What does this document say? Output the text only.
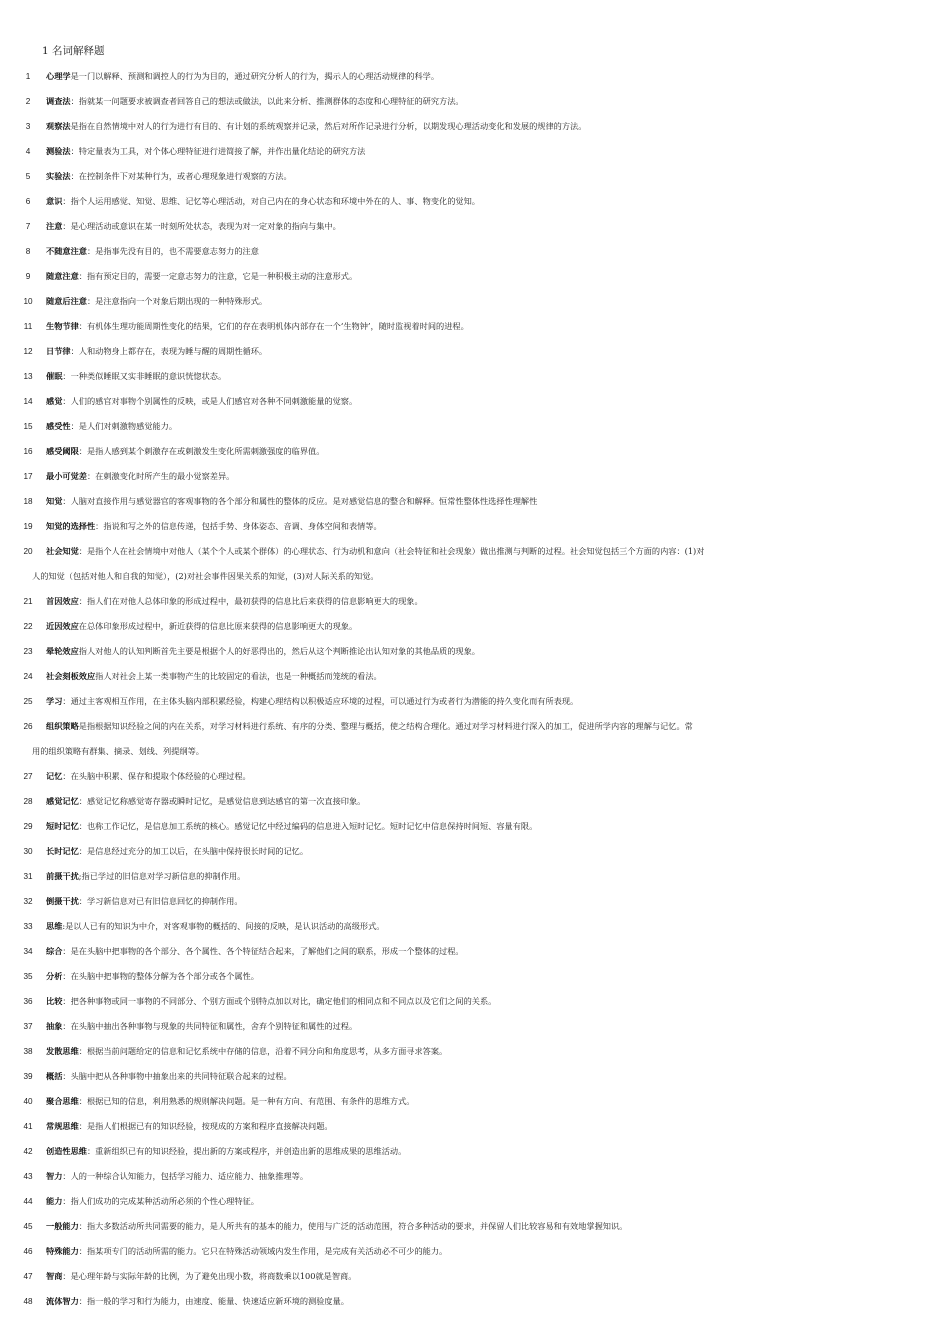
1 名词解释题
1	心理学是一门以解释、预测和调控人的行为为目的，通过研究分析人的行为，揭示人的心理活动规律的科学。
2	调查法：指就某一问题要求被调查者回答自己的想法或做法，以此来分析、推测群体的态度和心理特征的研究方法。
3	观察法是指在自然情境中对人的行为进行有目的、有计划的系统观察并记录，然后对所作记录进行分析，以期发现心理活动变化和发展的规律的方法。
4	测验法：特定量表为工具，对个体心理特征进行进简接了解，并作出量化结论的研究方法
5	实验法：在控制条件下对某种行为，或者心理现象进行观察的方法。
6	意识：指个人运用感觉、知觉、思维、记忆等心理活动，对自己内在的身心状态和环境中外在的人、事、物变化的觉知。
7	注意：是心理活动或意识在某一时刻所处状态，表现为对一定对象的指向与集中。
8	不随意注意：是指事先没有目的，也不需要意志努力的注意
9	随意注意：指有预定目的，需要一定意志努力的注意，它是一种积极主动的注意形式。
10	随意后注意：是注意指向一个对象后期出现的一种特殊形式。
11	生物节律：有机体生理功能周期性变化的结果，它们的存在表明机体内部存在一个‘生物钟’，随时监视着时间的进程。
12	日节律：人和动物身上都存在，表现为睡与醒的周期性循环。
13	催眠：一种类似睡眠又实非睡眠的意识恍惚状态。
14	感觉：人们的感官对事物个别属性的反映，或是人们感官对各种不同刺激能量的觉察。
15	感受性：是人们对刺激物感觉能力。
16	感受阈限：是指人感到某个刺激存在或刺激发生变化所需刺激强度的临界值。
17	最小可觉差：在刺激变化时所产生的最小觉察差异。
18	知觉：人脑对直接作用与感觉器官的客观事物的各个部分和属性的整体的反应。是对感觉信息的整合和解释。恒常性整体性选择性理解性
19	知觉的选择性：指说和写之外的信息传递，包括手势、身体姿态、音调、身体空间和表情等。
20	社会知觉：是指个人在社会情境中对他人（某个个人或某个群体）的心理状态、行为动机和意向（社会特征和社会现象）做出推测与判断的过程。社会知觉包括三个方面的内容：(1)对
人的知觉（包括对他人和自我的知觉），(2)对社会事件因果关系的知觉，(3)对人际关系的知觉。
21	首因效应：指人们在对他人总体印象的形成过程中，最初获得的信息比后来获得的信息影响更大的现象。
22	近因效应在总体印象形成过程中，新近获得的信息比原来获得的信息影响更大的现象。
23	晕轮效应指人对他人的认知判断首先主要是根据个人的好恶得出的，然后从这个判断推论出认知对象的其他品质的现象。
24	社会刻板效应指人对社会上某一类事物产生的比较固定的看法，也是一种概括而笼统的看法。
25	学习：通过主客观相互作用，在主体头脑内部积累经验，构建心理结构以积极适应环境的过程，可以通过行为或者行为潜能的持久变化而有所表现。
26	组织策略是指根据知识经验之间的内在关系，对学习材料进行系统、有序的分类、整理与概括，使之结构合理化。通过对学习材料进行深入的加工，促进所学内容的理解与记忆。常
用的组织策略有群集、摘录、划线、列提纲等。
27	记忆：在头脑中积累、保存和提取个体经验的心理过程。
28	感觉记忆：感觉记忆称感觉寄存器或瞬时记忆，是感觉信息到达感官的第一次直接印象。
29	短时记忆：也称工作记忆，是信息加工系统的核心。感觉记忆中经过编码的信息进入短时记忆。短时记忆中信息保持时间短、容量有限。
30	长时记忆：是信息经过充分的加工以后，在头脑中保持很长时间的记忆。
31	前摄干扰;指已学过的旧信息对学习新信息的抑制作用。
32	倒摄干扰：学习新信息对已有旧信息回忆的抑制作用。
33	思维:是以人已有的知识为中介，对客观事物的概括的、间接的反映，是认识活动的高级形式。
34	综合：是在头脑中把事物的各个部分、各个属性、各个特征结合起来，了解他们之间的联系，形成一个整体的过程。
35	分析：在头脑中把事物的整体分解为各个部分或各个属性。
36	比较：把各种事物或同一事物的不同部分、个别方面或个别特点加以对比，确定他们的相同点和不同点以及它们之间的关系。
37	抽象：在头脑中抽出各种事物与现象的共同特征和属性，舍弃个别特征和属性的过程。
38	发散思维：根据当前问题给定的信息和记忆系统中存储的信息，沿着不同分向和角度思考，从多方面寻求答案。
39	概括：头脑中把从各种事物中抽象出来的共同特征联合起来的过程。
40	聚合思维：根据已知的信息，利用熟悉的规则解决问题。是一种有方向、有范围、有条件的思维方式。
41	常规思维：是指人们根据已有的知识经验，按现成的方案和程序直接解决问题。
42	创造性思维：重新组织已有的知识经验，提出新的方案或程序，并创造出新的思维成果的思维活动。
43	智力：人的一种综合认知能力，包括学习能力、适应能力、抽象推理等。
44	能力：指人们成功的完成某种活动所必须的个性心理特征。
45	一般能力：指大多数活动所共同需要的能力，是人所共有的基本的能力，使用与广泛的活动范围，符合多种活动的要求，并保留人们比较容易和有效地掌握知识。
46	特殊能力：指某项专门的活动所需的能力。它只在特殊活动领域内发生作用，是完成有关活动必不可少的能力。
47	智商：是心理年龄与实际年龄的比例，为了避免出现小数，将商数乘以100就是智商。
48	流体智力：指一般的学习和行为能力，由速度、能量、快速适应新环境的测验度量。
